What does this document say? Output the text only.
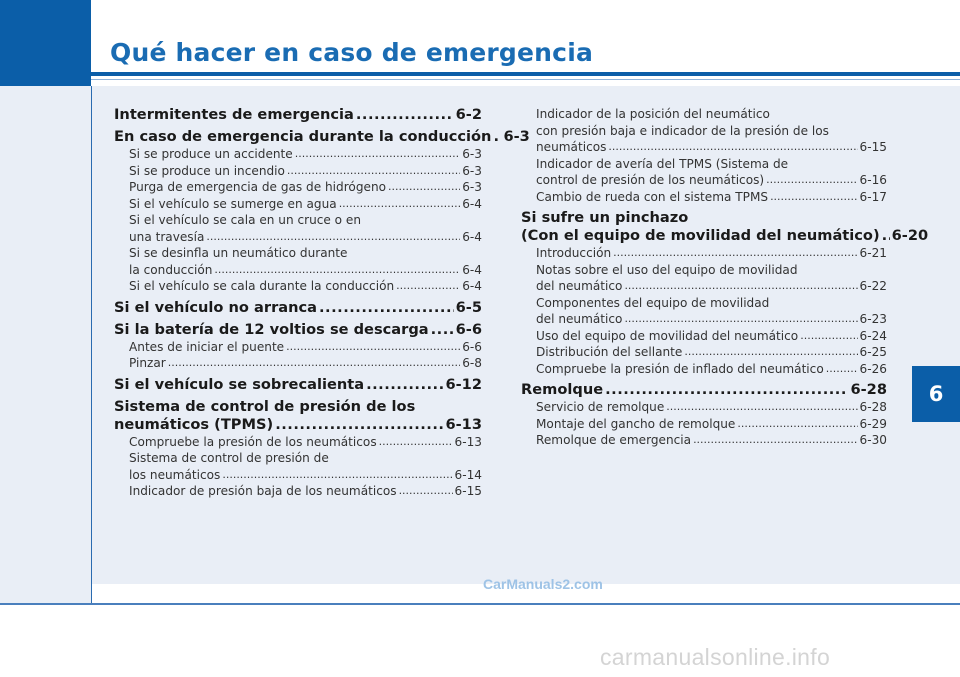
Qué hacer en caso de emergencia
6
Intermitentes de emergencia .....	6-2
En caso de emergencia durante la conducción ..... 6-3
Si se produce un accidente .....	6-3
Si se produce un incendio .....	6-3
Purga de emergencia de gas de hidrógeno .....	6-3
Si el vehículo se sumerge en agua .....	6-4
Si el vehículo se cala en un cruce o en
una travesía .....	6-4
Si se desinfla un neumático durante
la conducción .....	6-4
Si el vehículo se cala durante la conducción .....	6-4
Si el vehículo no arranca .....	6-5
Si la batería de 12 voltios se descarga ..... 6-6
Antes de iniciar el puente .....	6-6
Pinzar .....	6-8
Si el vehículo se sobrecalienta .....	6-12
Sistema de control de presión de los
neumáticos (TPMS) .....	6-13
Compruebe la presión de los neumáticos .....	6-13
Sistema de control de presión de
los neumáticos .....	6-14
Indicador de presión baja de los neumáticos .....	6-15
Indicador de la posición del neumático
con presión baja e indicador de la presión de los
neumáticos .....	6-15
Indicador de avería del TPMS (Sistema de
control de presión de los neumáticos) .....	6-16
Cambio de rueda con el sistema TPMS .....	6-17
Si sufre un pinchazo
(Con el equipo de movilidad del neumático) ..... 6-20
Introducción .....	6-21
Notas sobre el uso del equipo de movilidad
del neumático .....	6-22
Componentes del equipo de movilidad
del neumático .....	6-23
Uso del equipo de movilidad del neumático .....	6-24
Distribución del sellante .....	6-25
Compruebe la presión de inflado del neumático .....	6-26
Remolque .....	6-28
Servicio de remolque .....	6-28
Montaje del gancho de remolque .....	6-29
Remolque de emergencia .....	6-30
CarManuals2.com
carmanualsonline.info
